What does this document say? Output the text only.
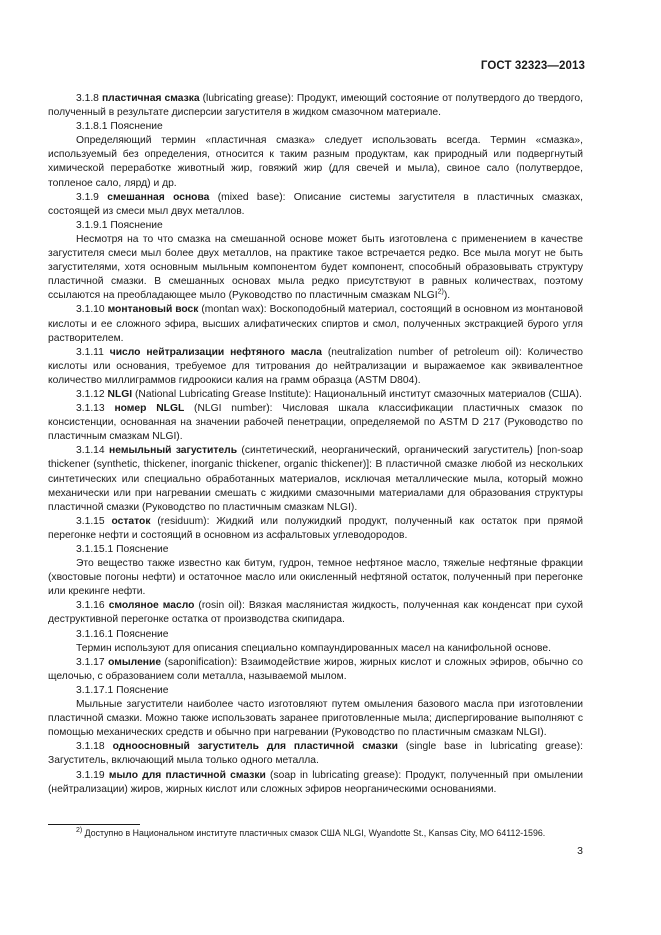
ГОСТ 32323—2013

3.1.8 пластичная смазка (lubricating grease): Продукт, имеющий состояние от полутвердого до твердого, полученный в результате дисперсии загустителя в жидком смазочном материале.

3.1.8.1 Пояснение

Определяющий термин «пластичная смазка» следует использовать всегда. Термин «смазка», используемый без определения, относится к таким разным продуктам, как природный или подвергнутый химической переработке животный жир, говяжий жир (для свечей и мыла), свиное сало (полутвердое, топленое сало, лярд) и др.

3.1.9 смешанная основа (mixed base): Описание системы загустителя в пластичных смазках, состоящей из смеси мыл двух металлов.

3.1.9.1 Пояснение

Несмотря на то что смазка на смешанной основе может быть изготовлена с применением в качестве загустителя смеси мыл более двух металлов, на практике такое встречается редко. Все мыла могут не быть загустителями, хотя основным мыльным компонентом будет компонент, способный образовывать структуру пластичной смазки. В смешанных основах мыла редко присутствуют в равных количествах, поэтому ссылаются на преобладающее мыло (Руководство по пластичным смазкам NLGI$^{2)}$).

3.1.10 монтановый воск (montan wax): Воскоподобный материал, состоящий в основном из монтановой кислоты и ее сложного эфира, высших алифатических спиртов и смол, полученных экстракцией бурого угля растворителем.

3.1.11 число нейтрализации нефтяного масла (neutralization number of petroleum oil): Количество кислоты или основания, требуемое для титрования до нейтрализации и выражаемое как эквивалентное количество миллиграммов гидроокиси калия на грамм образца (ASTM D804).

3.1.12 NLGI (National Lubricating Grease Institute): Национальный институт смазочных материалов (США).

3.1.13 номер NLGL (NLGI number): Числовая шкала классификации пластичных смазок по консистенции, основанная на значении рабочей пенетрации, определяемой по ASTM D 217 (Руководство по пластичным смазкам NLGI).

3.1.14 немыльный загуститель (синтетический, неорганический, органический загуститель) [non-soap thickener (synthetic, thickener, inorganic thickener, organic thickener)]: В пластичной смазке любой из нескольких синтетических или специально обработанных материалов, исключая металлические мыла, который можно механически или при нагревании смешать с жидкими смазочными материалами для образования структуры пластичной смазки (Руководство по пластичным смазкам NLGI).

3.1.15 остаток (residuum): Жидкий или полужидкий продукт, полученный как остаток при прямой перегонке нефти и состоящий в основном из асфальтовых углеводородов.

3.1.15.1 Пояснение

Это вещество также известно как битум, гудрон, темное нефтяное масло, тяжелые нефтяные фракции (хвостовые погоны нефти) и остаточное масло или окисленный нефтяной остаток, полученный при перегонке или крекинге нефти.

3.1.16 смоляное масло (rosin oil): Вязкая маслянистая жидкость, полученная как конденсат при сухой деструктивной перегонке остатка от производства скипидара.

3.1.16.1 Пояснение

Термин используют для описания специально компаундированных масел на канифольной основе.

3.1.17 омыление (saponification): Взаимодействие жиров, жирных кислот и сложных эфиров, обычно со щелочью, с образованием соли металла, называемой мылом.

3.1.17.1 Пояснение

Мыльные загустители наиболее часто изготовляют путем омыления базового масла при изготовлении пластичной смазки. Можно также использовать заранее приготовленные мыла; диспергирование выполняют с помощью механических средств и обычно при нагревании (Руководство по пластичным смазкам NLGI).

3.1.18 одноосновный загуститель для пластичной смазки (single base in lubricating grease): Загуститель, включающий мыла только одного металла.

3.1.19 мыло для пластичной смазки (soap in lubricating grease): Продукт, полученный при омылении (нейтрализации) жиров, жирных кислот или сложных эфиров неорганическими основаниями.

$^{2)}$ Доступно в Национальном институте пластичных смазок США NLGI, Wyandotte St., Kansas City, MO 64112-1596.
3
